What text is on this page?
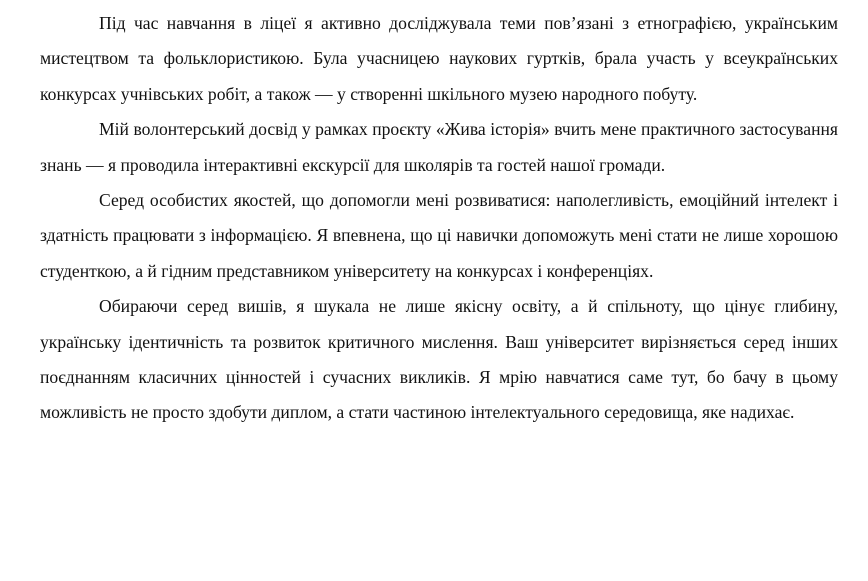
Під час навчання в ліцеї я активно досліджувала теми пов’язані з етнографією, українським мистецтвом та фольклористикою. Була учасницею наукових гуртків, брала участь у всеукраїнських конкурсах учнівських робіт, а також — у створенні шкільного музею народного побуту.

Мій волонтерський досвід у рамках проєкту «Жива історія» вчить мене практичного застосування знань — я проводила інтерактивні екскурсії для школярів та гостей нашої громади.

Серед особистих якостей, що допомогли мені розвиватися: наполегливість, емоційний інтелект і здатність працювати з інформацією. Я впевнена, що ці навички допоможуть мені стати не лише хорошою студенткою, а й гідним представником університету на конкурсах і конференціях.

Обираючи серед вишів, я шукала не лише якісну освіту, а й спільноту, що цінує глибину, українську ідентичність та розвиток критичного мислення. Ваш університет вирізняється серед інших поєднанням класичних цінностей і сучасних викликів. Я мрію навчатися саме тут, бо бачу в цьому можливість не просто здобути диплом, а стати частиною інтелектуального середовища, яке надихає.
